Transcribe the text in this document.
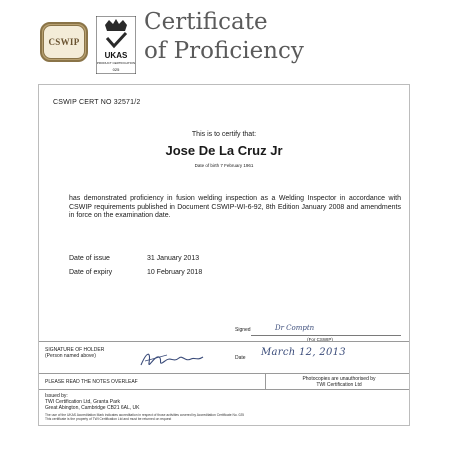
CSWIP
UKAS
PRODUCT CERTIFICATION
025
Certificate
of Proficiency
CSWIP CERT NO 32571/2
This is to certify that:
Jose De La Cruz Jr
Date of birth 7 February 1961
has demonstrated proficiency in fusion welding inspection as a Welding Inspector in accordance with CSWIP requirements published in Document CSWIP-WI-6-92, 8th Edition January 2008 and amendments in force on the examination date.
Date of issue	31 January 2013
Date of expiry	10 February 2018
Signed	Dr Comptn
(For CSWIP)
SIGNATURE OF HOLDER
(Person named above)	Date March 12, 2013
PLEASE READ THE NOTES OVERLEAF	Photocopies are unauthorised by
TWI Certification Ltd
Issued by:
TWI Certification Ltd, Granta Park
Great Abington, Cambridge CB21 6AL, UK
The use of the UKAS Accreditation Mark indicates accreditation in respect of those activities covered by Accreditation Certificate No. 025
This certificate is the property of TWI Certification Ltd and must be returned on request
